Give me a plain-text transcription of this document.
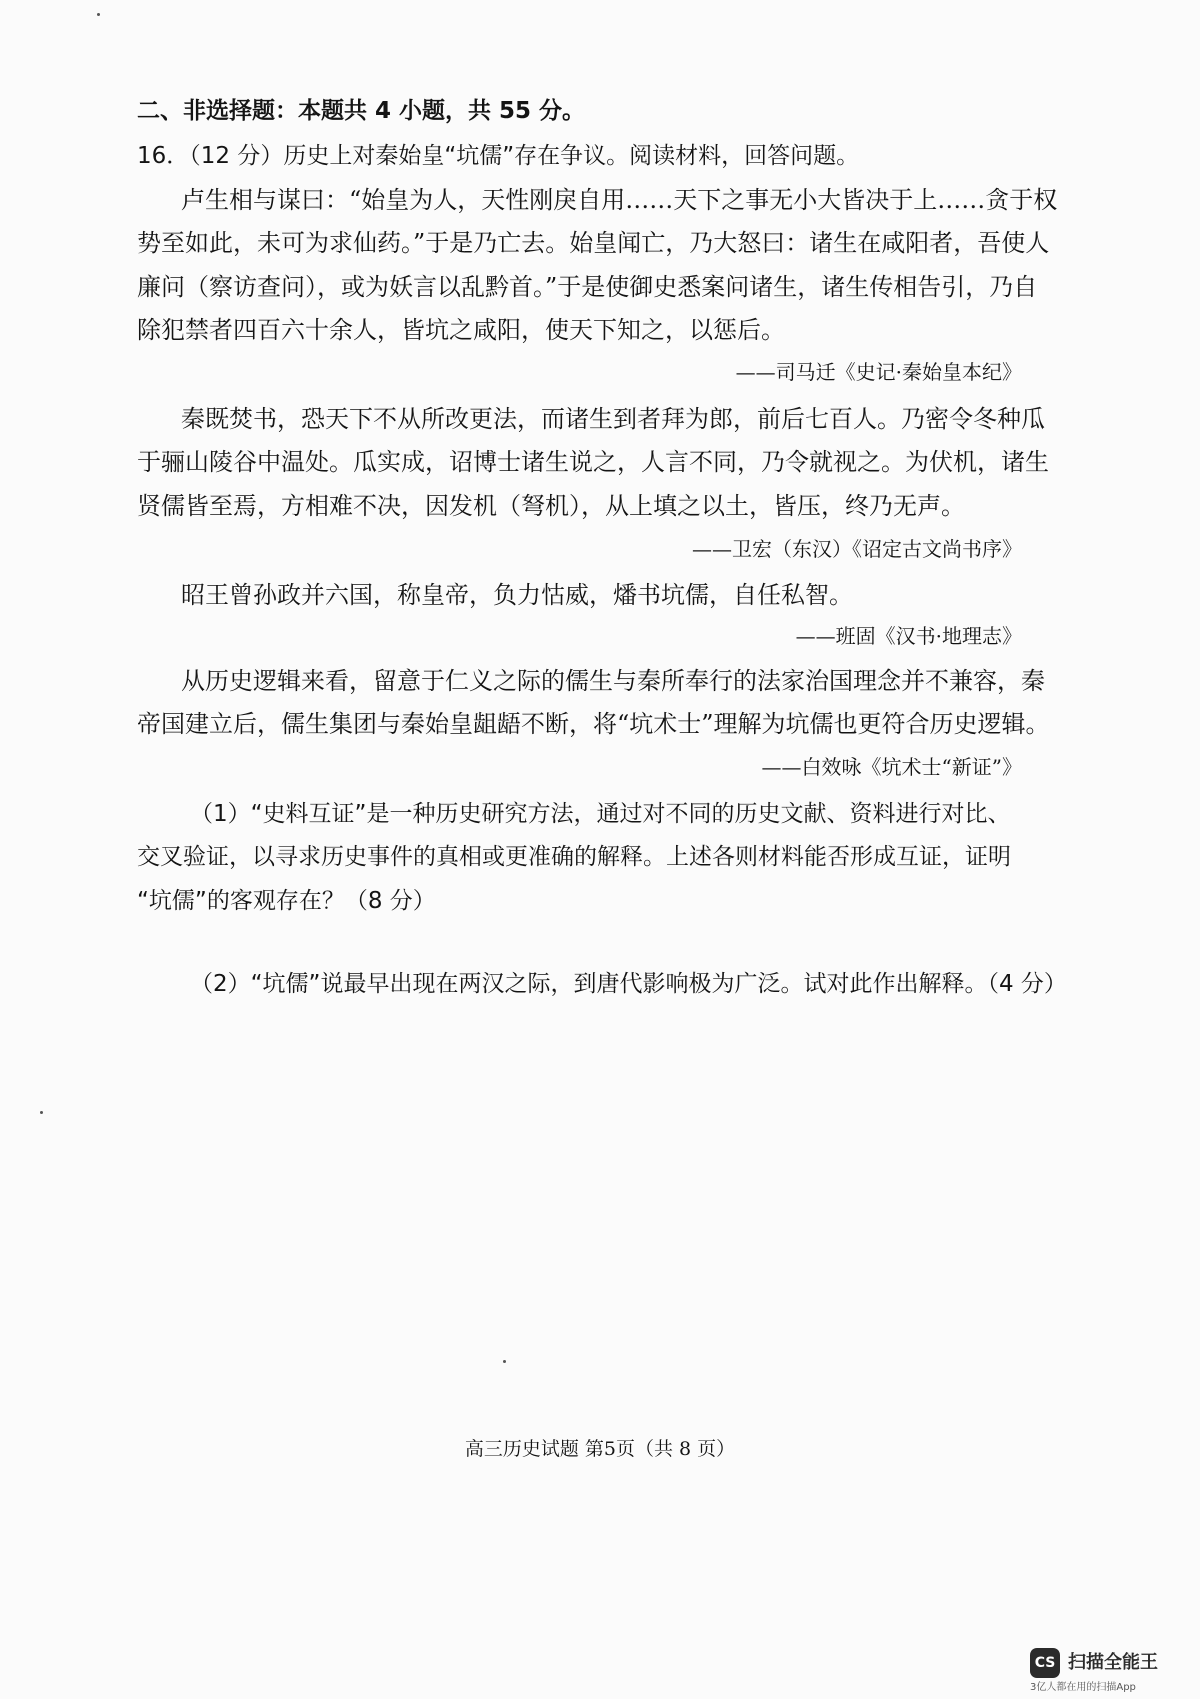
二、非选择题：本题共 4 小题，共 55 分。
16．（12 分）历史上对秦始皇“坑儒”存在争议。阅读材料，回答问题。
卢生相与谋曰：“始皇为人，天性刚戾自用……天下之事无小大皆决于上……贪于权
势至如此，未可为求仙药。”于是乃亡去。始皇闻亡，乃大怒曰：诸生在咸阳者，吾使人
廉问（察访查问），或为妖言以乱黔首。”于是使御史悉案问诸生，诸生传相告引，乃自
除犯禁者四百六十余人，皆坑之咸阳，使天下知之，以惩后。
——司马迁《史记·秦始皇本纪》
秦既焚书，恐天下不从所改更法，而诸生到者拜为郎，前后七百人。乃密令冬种瓜
于骊山陵谷中温处。瓜实成，诏博士诸生说之，人言不同，乃令就视之。为伏机，诸生
贤儒皆至焉，方相难不决，因发机（弩机），从上填之以土，皆压，终乃无声。
——卫宏（东汉）《诏定古文尚书序》
昭王曾孙政并六国，称皇帝，负力怙威，燔书坑儒，自任私智。
——班固《汉书·地理志》
从历史逻辑来看，留意于仁义之际的儒生与秦所奉行的法家治国理念并不兼容，秦
帝国建立后，儒生集团与秦始皇龃龉不断，将“坑术士”理解为坑儒也更符合历史逻辑。
——白效咏《坑术士“新证”》
（1）“史料互证”是一种历史研究方法，通过对不同的历史文献、资料进行对比、
交叉验证，以寻求历史事件的真相或更准确的解释。上述各则材料能否形成互证，证明
“坑儒”的客观存在？（8 分）
（2）“坑儒”说最早出现在两汉之际，到唐代影响极为广泛。试对此作出解释。（4 分）
高三历史试题 第5页（共 8 页）
CS 扫描全能王
3亿人都在用的扫描App
